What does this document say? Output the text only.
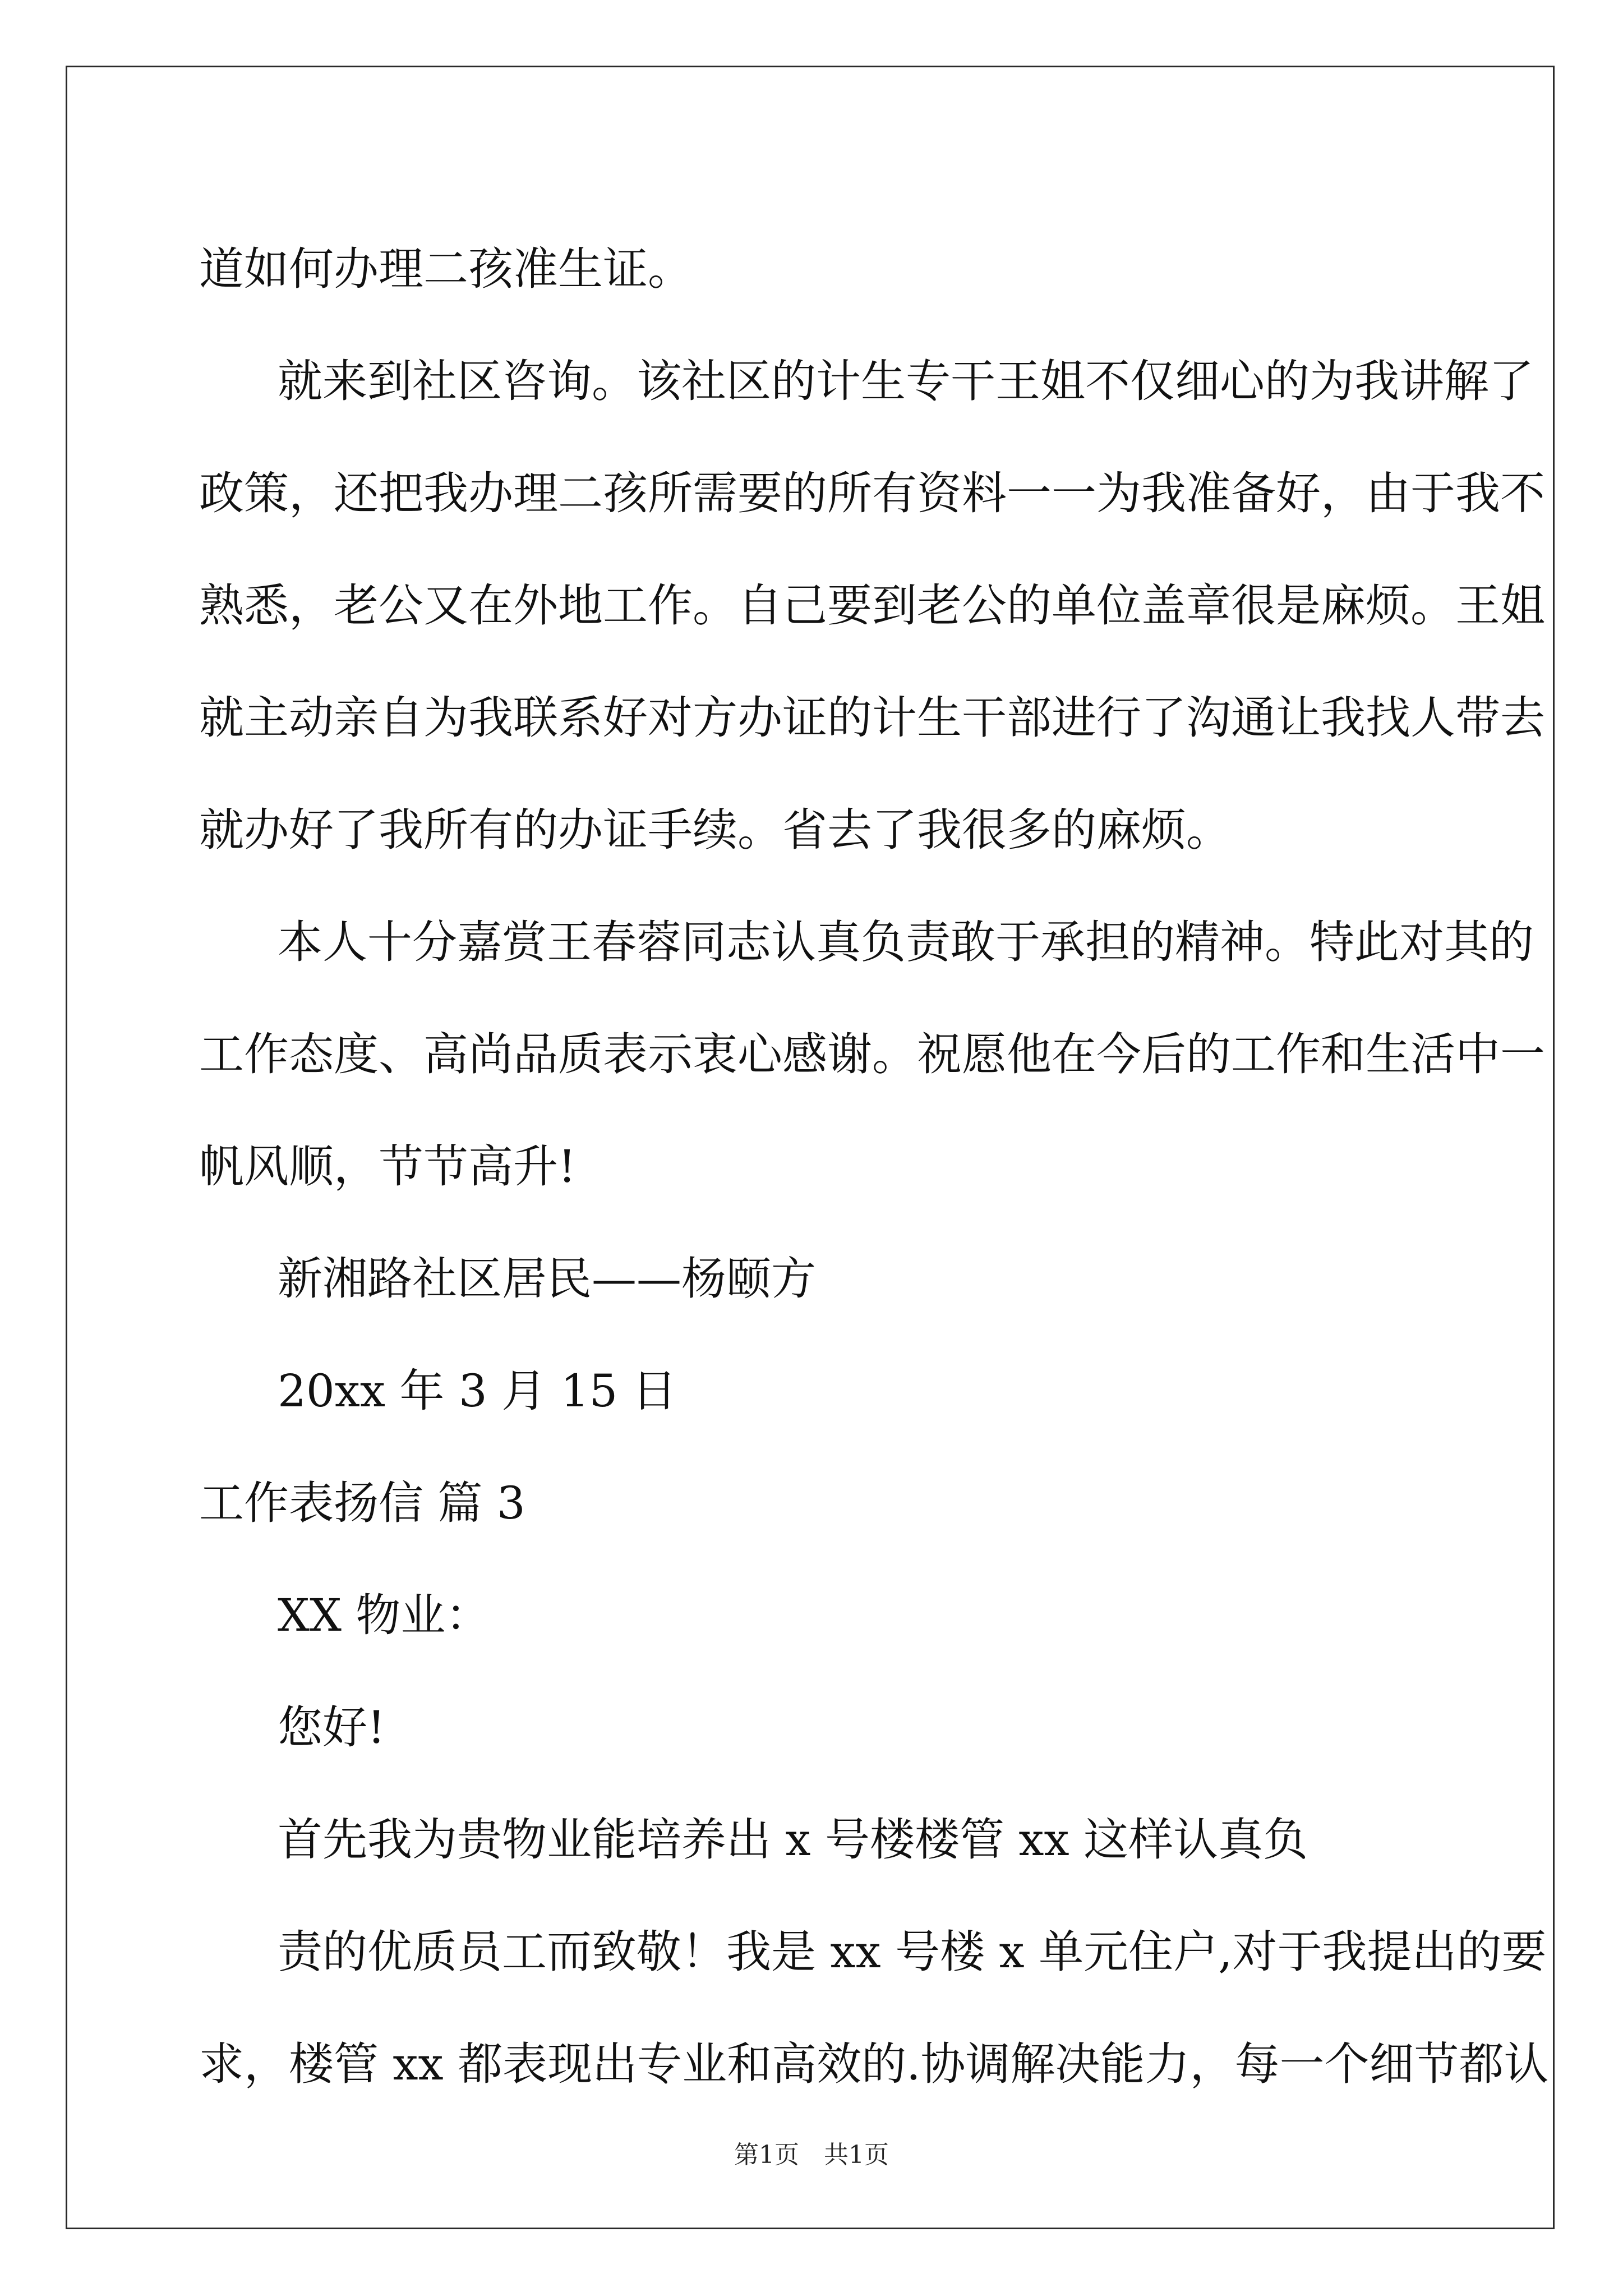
道如何办理二孩准生证。
就来到社区咨询。该社区的计生专干王姐不仅细心的为我讲解了
政策，还把我办理二孩所需要的所有资料一一为我准备好，由于我不
熟悉，老公又在外地工作。自己要到老公的单位盖章很是麻烦。王姐
就主动亲自为我联系好对方办证的计生干部进行了沟通让我找人带去
就办好了我所有的办证手续。省去了我很多的麻烦。
本人十分嘉赏王春蓉同志认真负责敢于承担的精神。特此对其的
工作态度、高尚品质表示衷心感谢。祝愿他在今后的工作和生活中一
帆风顺，节节高升!
新湘路社区居民——杨颐方
20xx 年 3 月 15 日
工作表扬信 篇 3
XX 物业：
您好!
首先我为贵物业能培养出 x 号楼楼管 xx 这样认真负
责的优质员工而致敬！我是 xx 号楼 x 单元住户,对于我提出的要
求，楼管 xx 都表现出专业和高效的.协调解决能力，每一个细节都认
第1页　共1页
